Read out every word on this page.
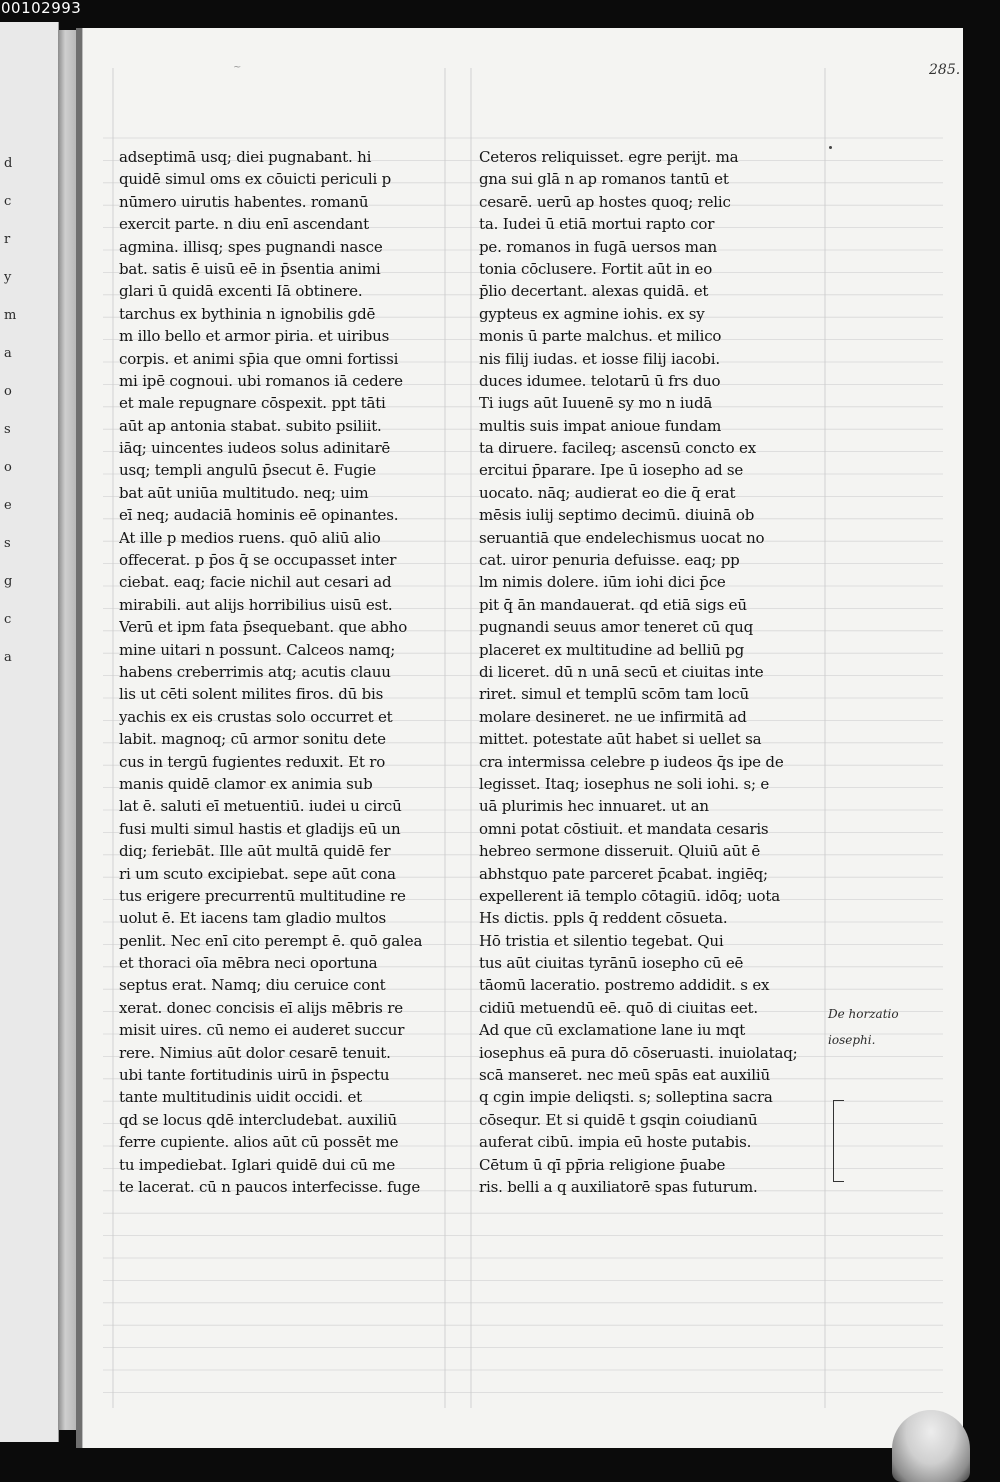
00102993
d
c
r
y
m
a
o
s
o
e
s
g
c
a
~	285.
adseptimā usq; diei pugnabant. hi
quidē simul oms ex cōuicti periculi p
nūmero uirutis habentes. romanū
exercit parte. n diu enī ascendant
agmina. illisq; spes pugnandi nasce
bat. satis ē uisū eē in p̄sentia animi
glari ū quidā excenti Iā obtinere.
tarchus ex bythinia n ignobilis gdē
m illo bello et armor piria. et uiribus
corpis. et animi sp̄ia que omni fortissi
mi ipē cognoui. ubi romanos iā cedere
et male repugnare cōspexit. ppt tāti
aūt ap antonia stabat. subito psiliit.
iāq; uincentes iudeos solus adinitarē
usq; templi angulū p̄secut ē. Fugie
bat aūt uniūa multitudo. neq; uim
eī neq; audaciā hominis eē opinantes.
At ille p medios ruens. quō aliū alio
offecerat. p p̄os q̄ se occupasset inter
ciebat. eaq; facie nichil aut cesari ad
mirabili. aut alijs horribilius uisū est.
Verū et ipm fata p̄sequebant. que abho
mine uitari n possunt. Calceos namq;
habens creberrimis atq; acutis clauu
lis ut cēti solent milites firos. dū bis
yachis ex eis crustas solo occurret et
labit. magnoq; cū armor sonitu dete
cus in tergū fugientes reduxit. Et ro
manis quidē clamor ex animia sub
lat ē. saluti eī metuentiū. iudei u circū
fusi multi simul hastis et gladijs eū un
diq; feriebāt. Ille aūt multā quidē fer
ri um scuto excipiebat. sepe aūt cona
tus erigere precurrentū multitudine re
uolut ē. Et iacens tam gladio multos
penlit. Nec enī cito perempt ē. quō galea
et thoraci oīa mēbra neci oportuna
septus erat. Namq; diu ceruice cont
xerat. donec concisis eī alijs mēbris re
misit uires. cū nemo ei auderet succur
rere. Nimius aūt dolor cesarē tenuit.
ubi tante fortitudinis uirū in p̄spectu
tante multitudinis uidit occidi. et
qd se locus qdē intercludebat. auxiliū
ferre cupiente. alios aūt cū possēt me
tu impediebat. Iglari quidē dui cū me
te lacerat. cū n paucos interfecisse. fuge
Ceteros reliquisset. egre perijt. ma
gna sui glā n ap romanos tantū et
cesarē. uerū ap hostes quoq; relic
ta. Iudei ū etiā mortui rapto cor
pe. romanos in fugā uersos man
tonia cōclusere. Fortit aūt in eo
p̄lio decertant. alexas quidā. et
gypteus ex agmine iohis. ex sy
monis ū parte malchus. et milico
nis filij iudas. et iosse filij iacobi.
duces idumee. telotarū ū frs duo
Ti iugs aūt Iuuenē sy mo n iudā
multis suis impat anioue fundam
ta diruere. facileq; ascensū concto ex
ercitui p̄parare. Ipe ū iosepho ad se
uocato. nāq; audierat eo die q̄ erat
mēsis iulij septimo decimū. diuinā ob
seruantiā que endelechismus uocat no
cat. uiror penuria defuisse. eaq; pp
lm nimis dolere. iūm iohi dici p̄ce
pit q̄ ān mandauerat. qd etiā sigs eū
pugnandi seuus amor teneret cū quq
placeret ex multitudine ad belliū pg
di liceret. dū n unā secū et ciuitas inte
riret. simul et templū scōm tam locū
molare desineret. ne ue infirmitā ad
mittet. potestate aūt habet si uellet sa
cra intermissa celebre p iudeos q̄s ipe de
legisset. Itaq; iosephus ne soli iohi. s; e
uā plurimis hec innuaret. ut an
omni potat cōstiuit. et mandata cesaris
hebreo sermone disseruit. Qluiū aūt ē
abhstquo pate parceret p̄cabat. ingiēq;
expellerent iā templo cōtagiū. idōq; uota
Hs dictis. ppls q̄ reddent cōsueta.
Hō tristia et silentio tegebat. Qui
tus aūt ciuitas tyrānū iosepho cū eē
tāomū laceratio. postremo addidit. s ex
cidiū metuendū eē. quō di ciuitas eet.
Ad que cū exclamatione lane iu mqt
iosephus eā pura dō cōseruasti. inuiolataq;
scā manseret. nec meū spās eat auxiliū
q cgin impie deliqsti. s; solleptina sacra
cōsequr. Et si quidē t gsqin coiudianū
auferat cibū. impia eū hoste putabis.
Cētum ū qī pp̄ria religione p̄uabe
ris. belli a q auxiliatorē spas futurum.
De horzatio
iosephi.
